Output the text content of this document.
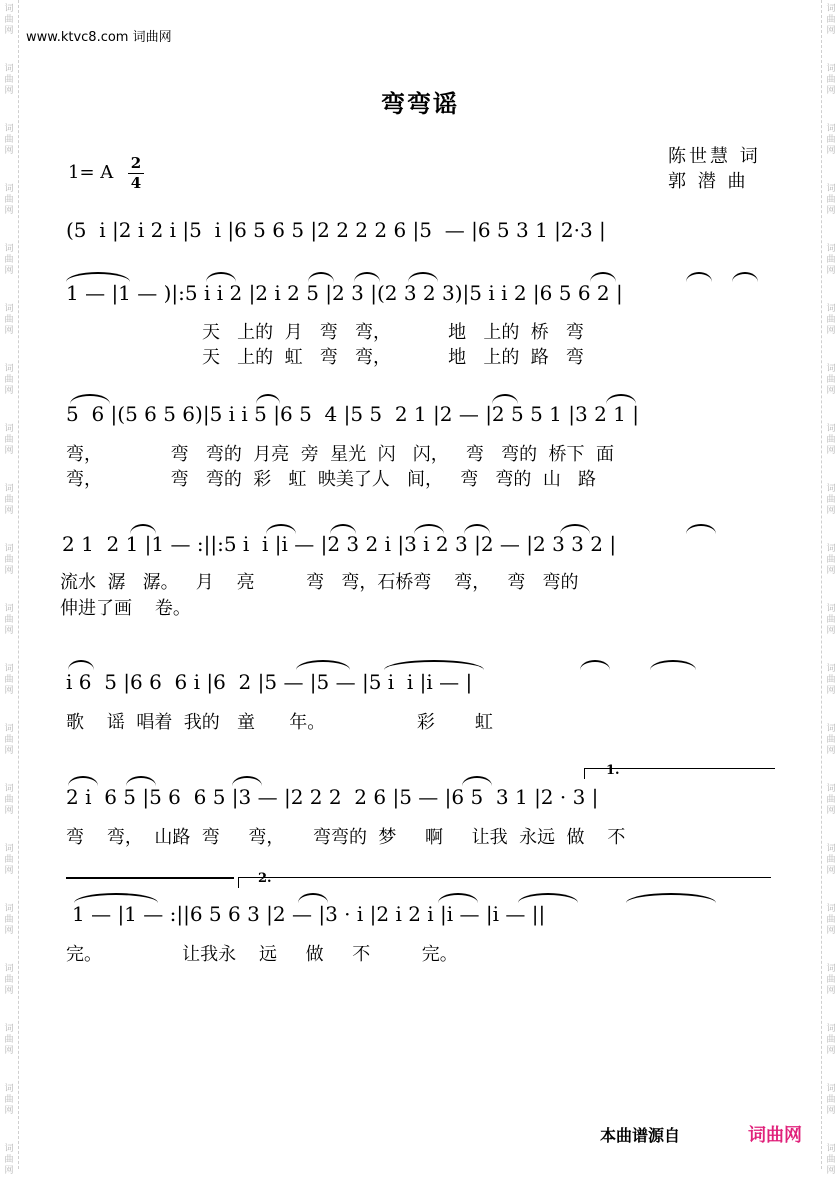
词
曲
网
词
曲
网
词
曲
网
词
曲
网
词
曲
网
词
曲
网
词
曲
网
词
曲
网
词
曲
网
词
曲
网
词
曲
网
词
曲
网
词
曲
网
词
曲
网
词
曲
网
词
曲
网
词
曲
网
词
曲
网
词
曲
网
词
曲
网
词
曲
网
词
曲
网
词
曲
网
词
曲
网
词
曲
网
词
曲
网
词
曲
网
词
曲
网
词
曲
网
词
曲
网
词
曲
网
词
曲
网
词
曲
网
词
曲
网
词
曲
网
词
曲
网
词
曲
网
词
曲
网
词
曲
网
词
曲
网
www.ktvc8.com 词曲网
弯弯谣
1= A 2
4
陈世慧 词
郭 潜 曲
(5  i |2 i 2 i |5  i |6 5 6 5 |2 2 2 2 6 |5  — |6 5 3 1 |2·3 |
1 — |1 — )|:5 i i 2 |2 i 2 5 |2 3 |(2 3 2 3)|5 i i 2 |6 5 6 2 |
天   上的  月   弯   弯，          地   上的  桥   弯
天   上的  虹   弯   弯，          地   上的  路   弯
5  6 |(5 6 5 6)|5 i i 5 |6 5  4 |5 5  2 1 |2 — |2 5 5 1 |3 2 1 |
弯，            弯   弯的  月亮  旁  星光  闪   闪，   弯   弯的  桥下  面
弯，            弯   弯的  彩   虹  映美了人   间，   弯   弯的  山   路
2 1  2 1 |1 — :||:5 i  i |i — |2 3 2 i |3 i 2 3 |2 — |2 3 3 2 |
流水  潺   潺。   月    亮         弯   弯，石桥弯    弯，   弯   弯的
伸进了画    卷。
i 6  5 |6 6  6 i |6  2 |5 — |5 — |5 i  i |i — |
歌    谣  唱着  我的   童      年。                彩       虹
2 i  6 5 |5 6  6 5 |3 — |2 2 2  2 6 |5 — |6 5  3 1 |2 · 3 |
弯    弯，  山路  弯     弯，     弯弯的  梦     啊     让我  永远  做    不
1 — |1 — :||6 5 6 3 |2 — |3 · i |2 i 2 i |i — |i — ||
完。              让我永    远     做     不         完。
1.
2.
本曲谱源自	词曲网
